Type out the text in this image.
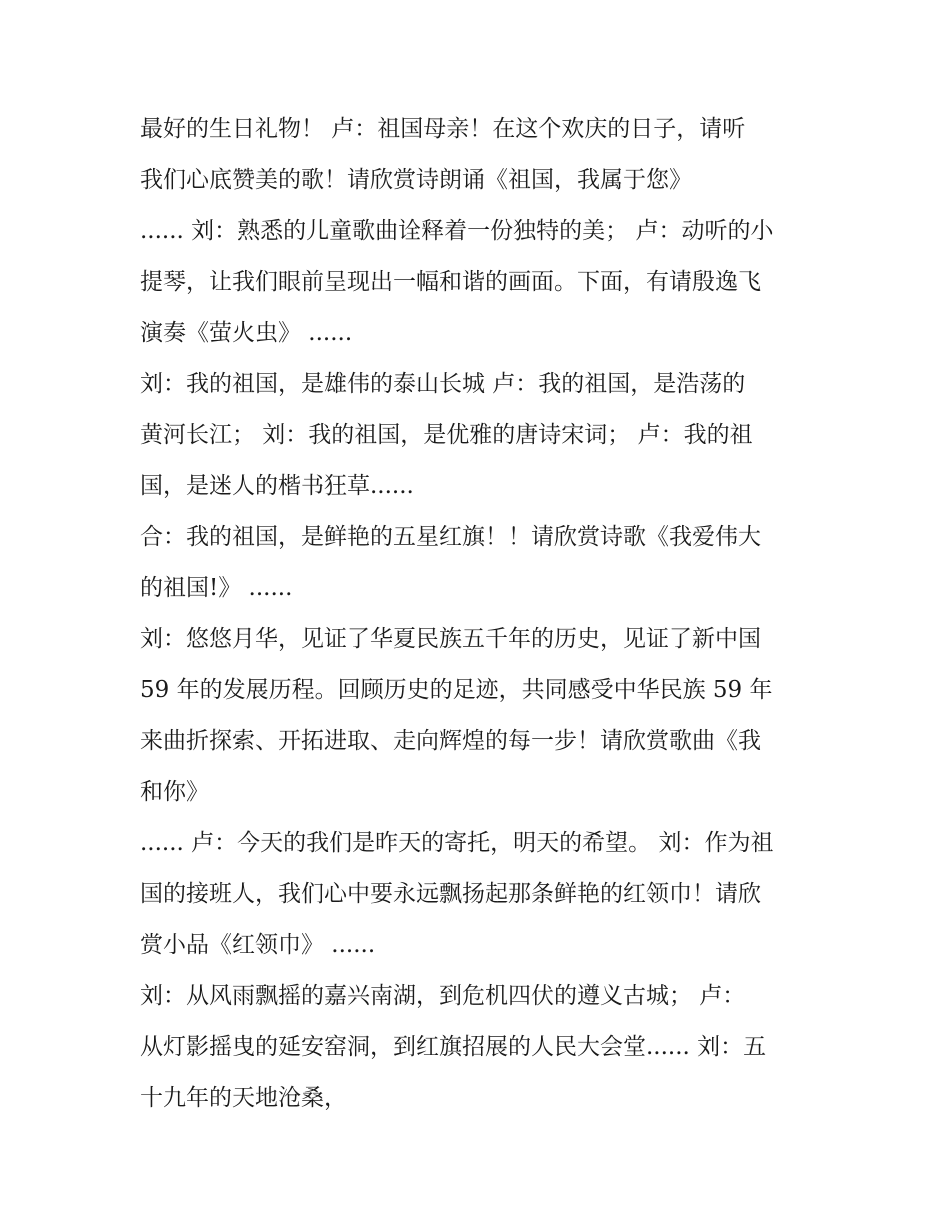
最好的生日礼物！ 卢：祖国母亲！在这个欢庆的日子，请听
我们心底赞美的歌！请欣赏诗朗诵《祖国，我属于您》
...... 刘：熟悉的儿童歌曲诠释着一份独特的美； 卢：动听的小
提琴，让我们眼前呈现出一幅和谐的画面。下面，有请殷逸飞
演奏《萤火虫》 ......
刘：我的祖国，是雄伟的泰山长城 卢：我的祖国，是浩荡的
黄河长江； 刘：我的祖国，是优雅的唐诗宋词； 卢：我的祖
国，是迷人的楷书狂草......
合：我的祖国，是鲜艳的五星红旗！！请欣赏诗歌《我爱伟大
的祖国!》 ......
刘：悠悠月华，见证了华夏民族五千年的历史，见证了新中国
59 年的发展历程。回顾历史的足迹，共同感受中华民族 59 年
来曲折探索、开拓进取、走向辉煌的每一步！请欣赏歌曲《我
和你》
...... 卢：今天的我们是昨天的寄托，明天的希望。 刘：作为祖
国的接班人，我们心中要永远飘扬起那条鲜艳的红领巾！请欣
赏小品《红领巾》 ......
刘：从风雨飘摇的嘉兴南湖，到危机四伏的遵义古城； 卢：
从灯影摇曳的延安窑洞，到红旗招展的人民大会堂...... 刘：五
十九年的天地沧桑，
